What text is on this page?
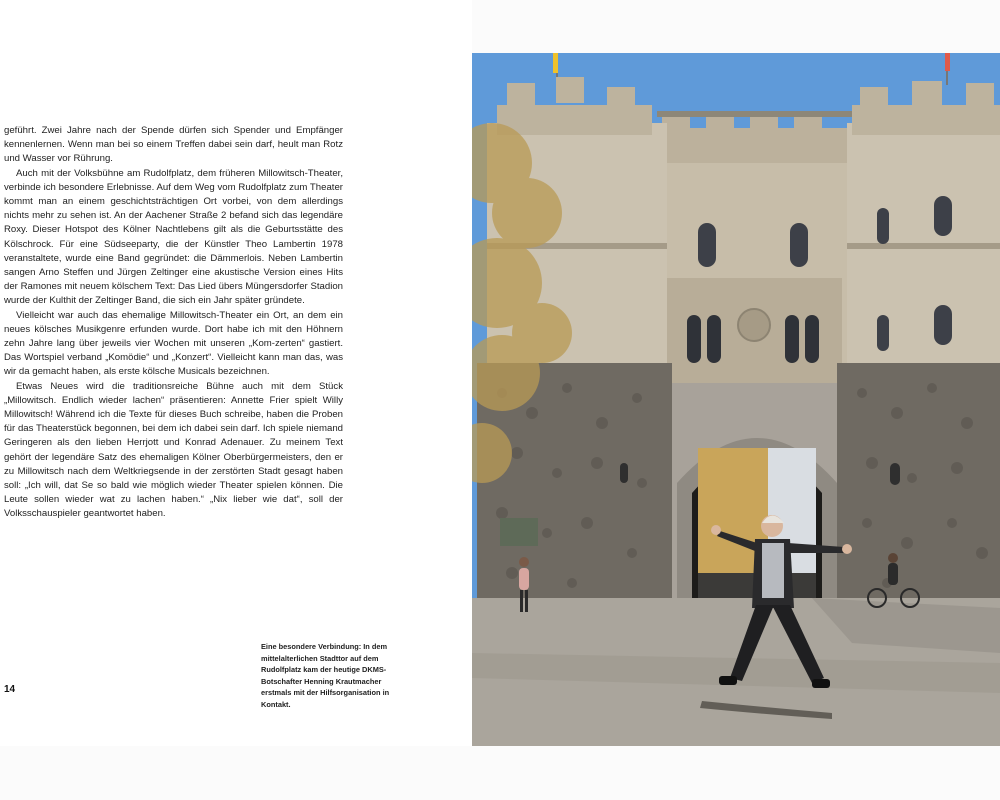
geführt. Zwei Jahre nach der Spende dürfen sich Spender und Empfänger kennenlernen. Wenn man bei so einem Treffen dabei sein darf, heult man Rotz und Wasser vor Rührung.

Auch mit der Volksbühne am Rudolfplatz, dem früheren Millowitsch-Theater, verbinde ich besondere Erlebnisse. Auf dem Weg vom Rudolfplatz zum Theater kommt man an einem geschichtsträchtigen Ort vorbei, von dem allerdings nichts mehr zu sehen ist. An der Aachener Straße 2 befand sich das legendäre Roxy. Dieser Hotspot des Kölner Nachtlebens gilt als die Geburtsstätte des Kölschrock. Für eine Südseeparty, die der Künstler Theo Lambertin 1978 veranstaltete, wurde eine Band gegründet: die Dämmerlois. Neben Lambertin sangen Arno Steffen und Jürgen Zeltinger eine akustische Version eines Hits der Ramones mit neuem kölschem Text: Das Lied übers Müngersdorfer Stadion wurde der Kulthit der Zeltinger Band, die sich ein Jahr später gründete.

Vielleicht war auch das ehemalige Millowitsch-Theater ein Ort, an dem ein neues kölsches Musikgenre erfunden wurde. Dort habe ich mit den Höhnern zehn Jahre lang über jeweils vier Wochen mit unseren „Kom-zerten“ gastiert. Das Wortspiel verband „Komödie“ und „Konzert“. Vielleicht kann man das, was wir da gemacht haben, als erste kölsche Musicals bezeichnen.

Etwas Neues wird die traditionsreiche Bühne auch mit dem Stück „Millowitsch. Endlich wieder lachen“ präsentieren: Annette Frier spielt Willy Millowitsch! Während ich die Texte für dieses Buch schreibe, haben die Proben für das Theaterstück begonnen, bei dem ich dabei sein darf. Ich spiele niemand Geringeren als den lieben Herrjott und Konrad Adenauer. Zu meinem Text gehört der legendäre Satz des ehemaligen Kölner Oberbürgermeisters, den er zu Millowitsch nach dem Weltkriegsende in der zerstörten Stadt gesagt haben soll: „Ich will, dat Se so bald wie möglich wieder Theater spielen können. Die Leute sollen wieder wat zu lachen haben.“ „Nix lieber wie dat“, soll der Volksschauspieler geantwortet haben.

14
Eine besondere Verbindung: In dem mittelalterlichen Stadttor auf dem Rudolfplatz kam der heutige DKMS-Botschafter Henning Krautmacher erstmals mit der Hilfsorganisation in Kontakt.
